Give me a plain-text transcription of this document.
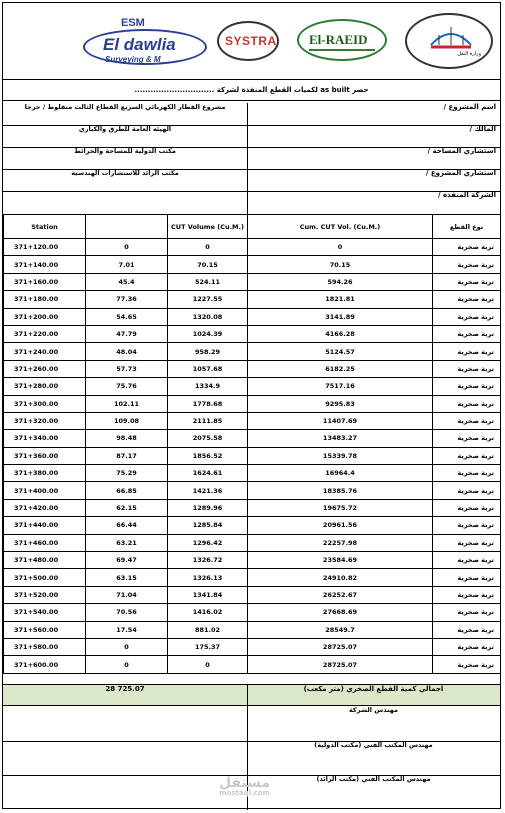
ESM
El dawlia
Surveying & M
SYSTRA El-RAEID
وزارة النقل
حصر as built لكميات القطع المنفذة لشركة ..............................
مشروع القطار الكهربائي السريع القطاع الثالث منفلوط / جرجا	اسم المشروع /
الهيئه العامة للطرق والكباري	المالك /
مكتب الدولية للمساحة والخرائط	استشاري المساحة /
مكتب الرائد للاستشارات الهندسية	استشاري المشروع /
الشركة المنفذة /
Station		CUT Volume (Cu.M.)	Cum. CUT Vol. (Cu.M.)	نوع القطع
371+120.00	0	0	0	تربة صخرية
371+140.00	7.01	70.15	70.15	تربة صخرية
371+160.00	45.4	524.11	594.26	تربة صخرية
371+180.00	77.36	1227.55	1821.81	تربة صخرية
371+200.00	54.65	1320.08	3141.89	تربة صخرية
371+220.00	47.79	1024.39	4166.28	تربة صخرية
371+240.00	48.04	958.29	5124.57	تربة صخرية
371+260.00	57.73	1057.68	6182.25	تربة صخرية
371+280.00	75.76	1334.9	7517.16	تربة صخرية
371+300.00	102.11	1778.68	9295.83	تربة صخرية
371+320.00	109.08	2111.85	11407.69	تربة صخرية
371+340.00	98.48	2075.58	13483.27	تربة صخرية
371+360.00	87.17	1856.52	15339.78	تربة صخرية
371+380.00	75.29	1624.61	16964.4	تربة صخرية
371+400.00	66.85	1421.36	18385.76	تربة صخرية
371+420.00	62.15	1289.96	19675.72	تربة صخرية
371+440.00	66.44	1285.84	20961.56	تربة صخرية
371+460.00	63.21	1296.42	22257.98	تربة صخرية
371+480.00	69.47	1326.72	23584.69	تربة صخرية
371+500.00	63.15	1326.13	24910.82	تربة صخرية
371+520.00	71.04	1341.84	26252.67	تربة صخرية
371+540.00	70.56	1416.02	27668.69	تربة صخرية
371+560.00	17.54	881.02	28549.7	تربة صخرية
371+580.00	0	175.37	28725.07	تربة صخرية
371+600.00	0	0	28725.07	تربة صخرية
28 725.07	اجمالي كمية القطع الصخري (متر مكعب)
مهندس الشركة
مهندس المكتب الفني (مكتب الدولية)
مهندس المكتب الفني (مكتب الرائد)
مستقل
mostaql.com
